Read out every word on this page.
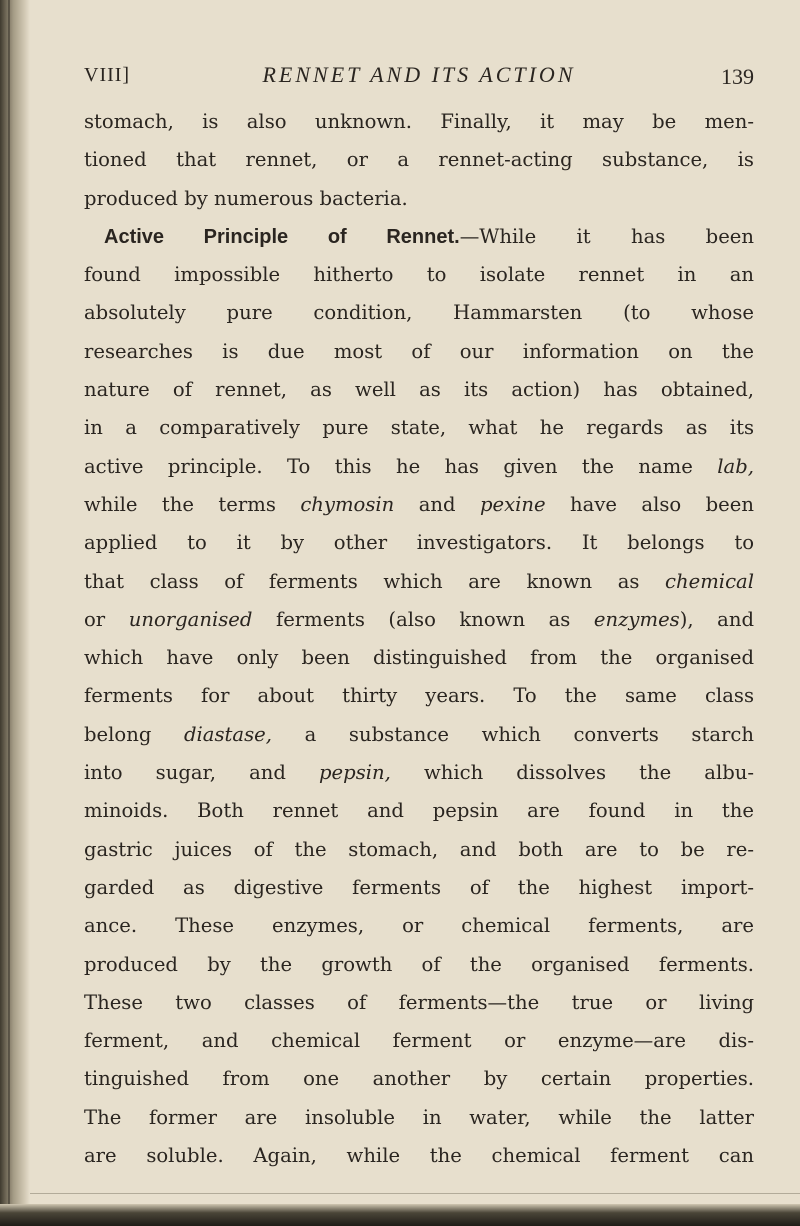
VIII]	RENNET AND ITS ACTION	139
stomach, is also unknown. Finally, it may be men-
tioned that rennet, or a rennet-acting substance, is
produced by numerous bacteria.
Active Principle of Rennet.—While it has been
found impossible hitherto to isolate rennet in an
absolutely pure condition, Hammarsten (to whose
researches is due most of our information on the
nature of rennet, as well as its action) has obtained,
in a comparatively pure state, what he regards as its
active principle. To this he has given the name lab,
while the terms chymosin and pexine have also been
applied to it by other investigators. It belongs to
that class of ferments which are known as chemical
or unorganised ferments (also known as enzymes), and
which have only been distinguished from the organised
ferments for about thirty years. To the same class
belong diastase, a substance which converts starch
into sugar, and pepsin, which dissolves the albu-
minoids. Both rennet and pepsin are found in the
gastric juices of the stomach, and both are to be re-
garded as digestive ferments of the highest import-
ance. These enzymes, or chemical ferments, are
produced by the growth of the organised ferments.
These two classes of ferments—the true or living
ferment, and chemical ferment or enzyme—are dis-
tinguished from one another by certain properties.
The former are insoluble in water, while the latter
are soluble. Again, while the chemical ferment can
